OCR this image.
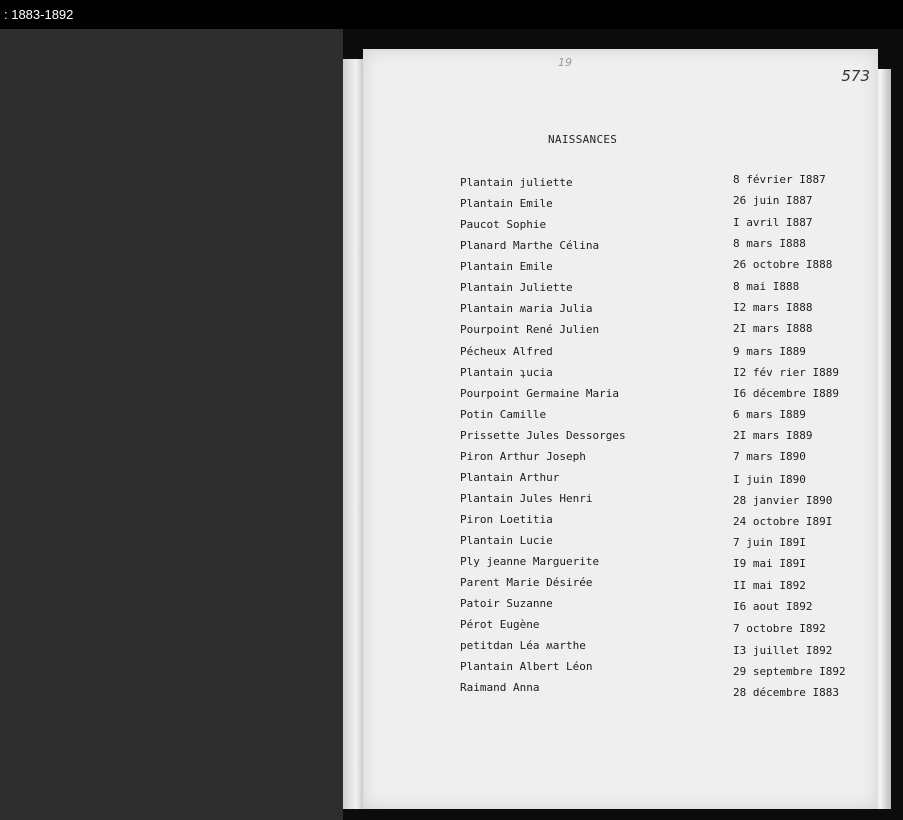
: 1883-1892
19
573
NAISSANCES
Plantain juliette	8 février I887
Plantain Emile	26 juin I887
Paucot Sophie	I avril I887
Planard Marthe Célina	8 mars I888
Plantain Emile	26 octobre I888
Plantain Juliette	8 mai I888
Plantain ʍaria Julia	I2 mars I888
Pourpoint René Julien	2I mars I888
Pécheux Alfred	9 mars I889
Plantain ʇucia	I2 fév rier I889
Pourpoint Germaine Maria	I6 décembre I889
Potin Camille	6 mars I889
Prissette Jules Dessorges	2I mars I889
Piron Arthur Joseph	7 mars I890
Plantain Arthur	I juin I890
Plantain Jules Henri	28 janvier I890
Piron Loetitia	24 octobre I89I
Plantain Lucie	7 juin I89I
Ply jeanne Marguerite	I9 mai I89I
Parent Marie Désirée	II mai I892
Patoir Suzanne	I6 aout I892
Pérot Eugène	7 octobre I892
petitdan Léa ʍarthe	I3 juillet I892
Plantain Albert Léon	29 septembre I892
Raimand Anna	28 décembre I883
